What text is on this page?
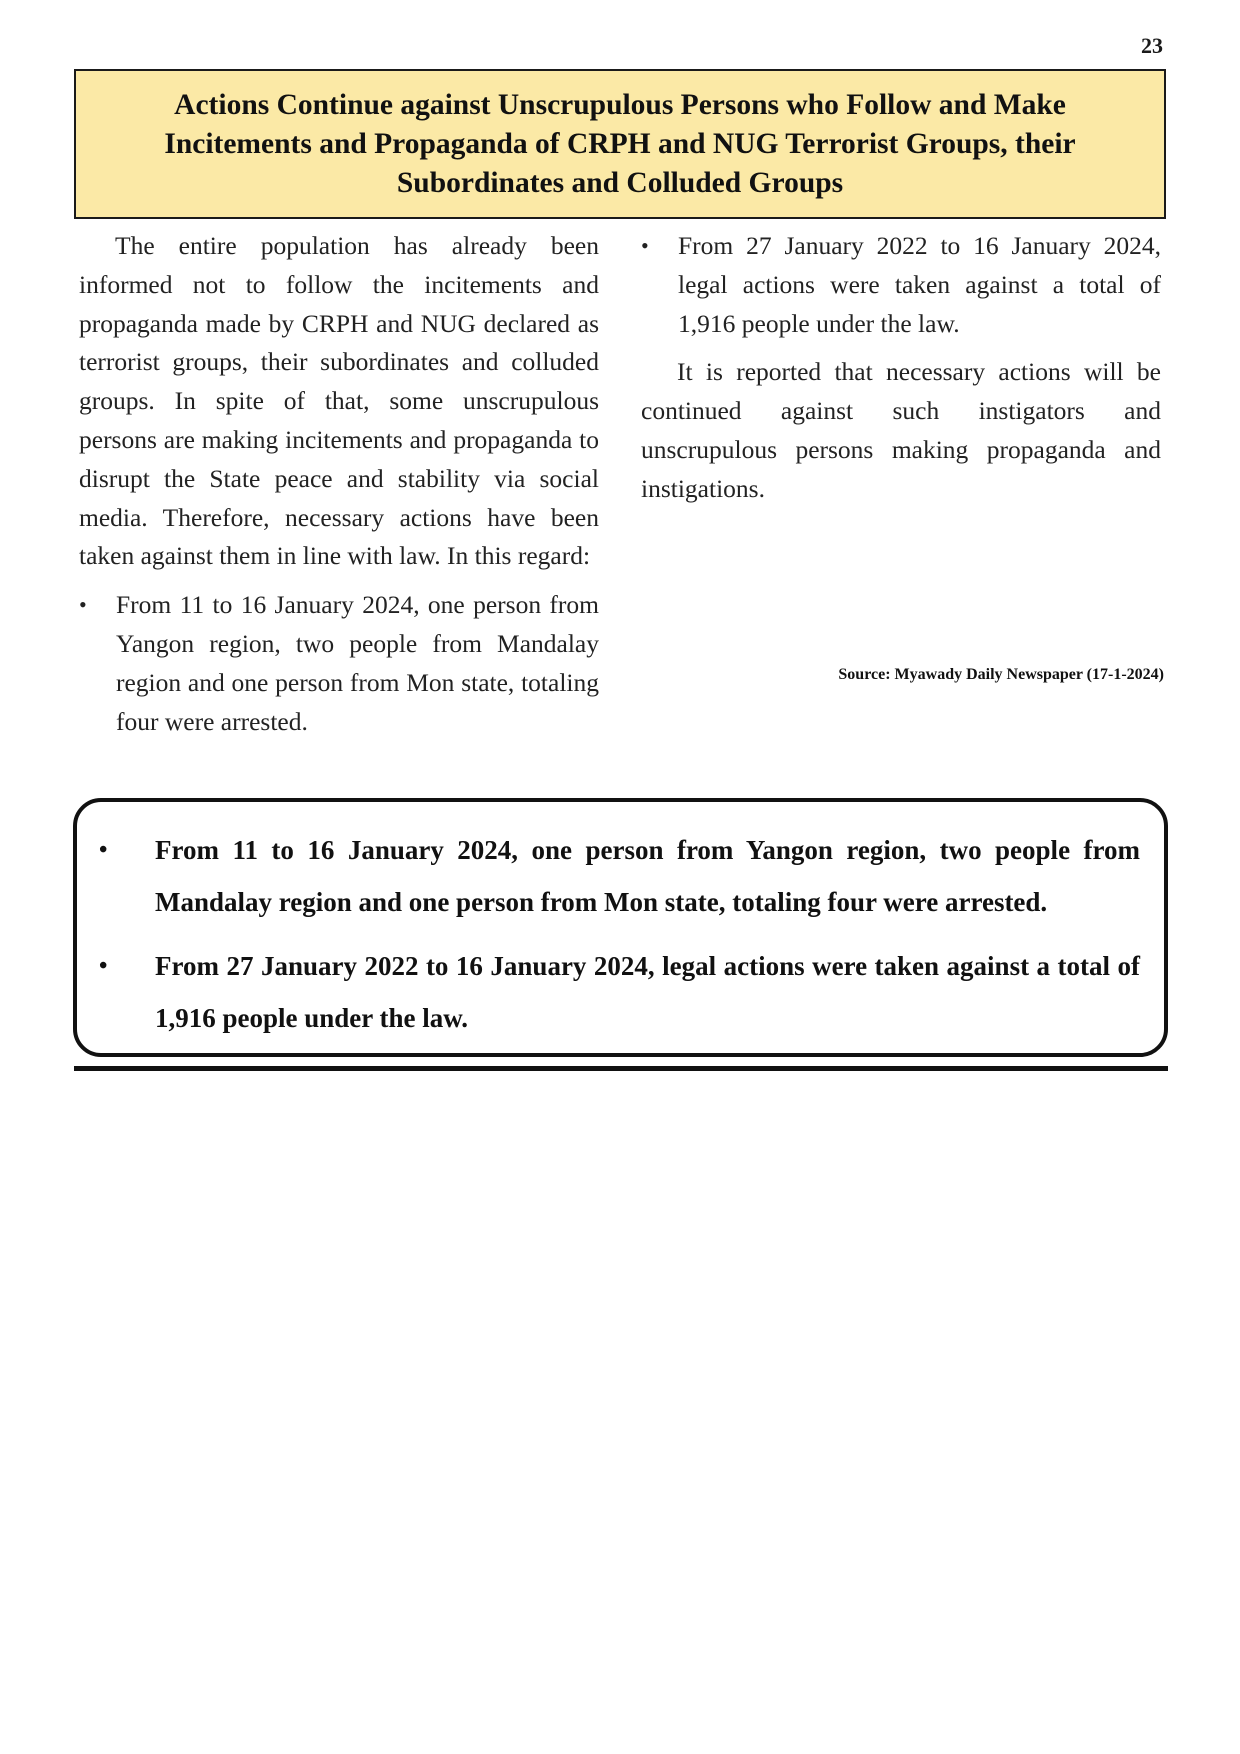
23
Actions Continue against Unscrupulous Persons who Follow and Make Incitements and Propaganda of CRPH and NUG Terrorist Groups, their Subordinates and Colluded Groups

The entire population has already been informed not to follow the incitements and propaganda made by CRPH and NUG declared as terrorist groups, their subordinates and colluded groups. In spite of that, some unscrupulous persons are making incitements and propaganda to disrupt the State peace and stability via social media. Therefore, necessary actions have been taken against them in line with law. In this regard:

• From 11 to 16 January 2024, one person from Yangon region, two people from Mandalay region and one person from Mon state, totaling four were arrested.
• From 27 January 2022 to 16 January 2024, legal actions were taken against a total of 1,916 people under the law.

It is reported that necessary actions will be continued against such instigators and unscrupulous persons making propaganda and instigations.

Source: Myawady Daily Newspaper (17-1-2024)
• From 11 to 16 January 2024, one person from Yangon region, two people from Mandalay region and one person from Mon state, totaling four were arrested.
• From 27 January 2022 to 16 January 2024, legal actions were taken against a total of 1,916 people under the law.
